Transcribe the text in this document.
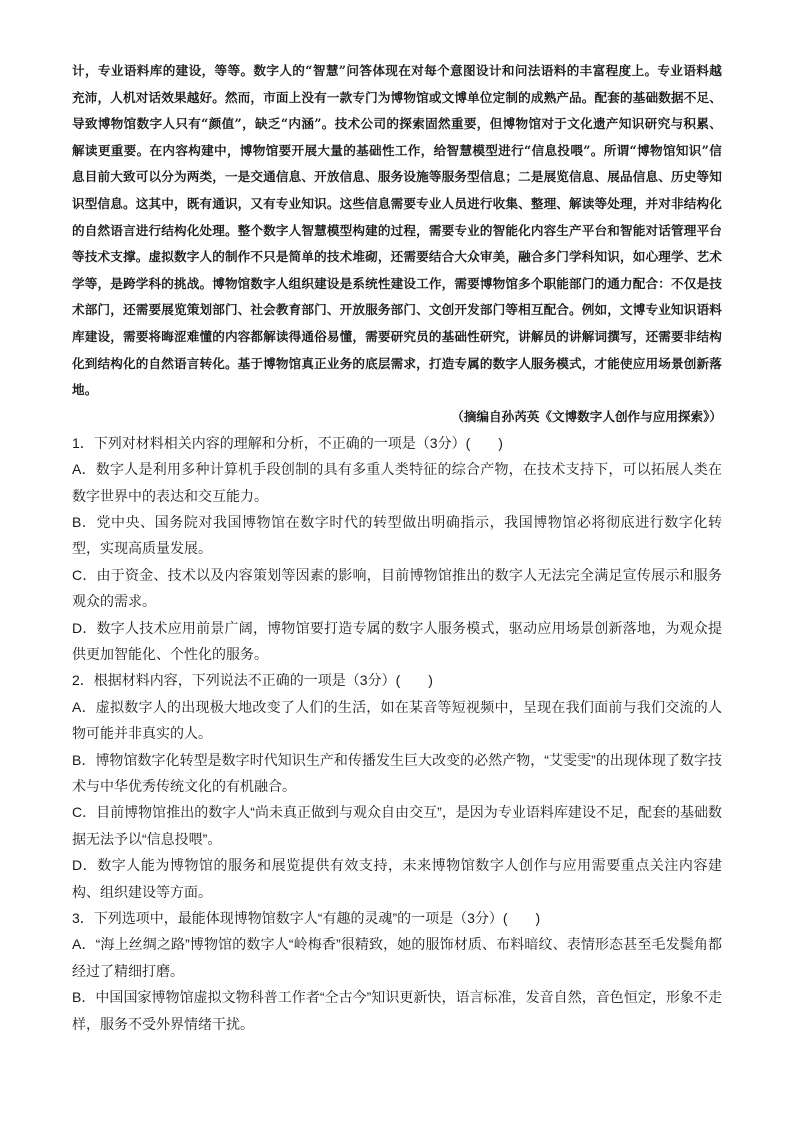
计，专业语料库的建设，等等。数字人的“智慧”问答体现在对每个意图设计和问法语料的丰富程度上。专业语料越充沛，人机对话效果越好。然而，市面上没有一款专门为博物馆或文博单位定制的成熟产品。配套的基础数据不足、导致博物馆数字人只有“颜值”，缺乏“内涵”。技术公司的探索固然重要，但博物馆对于文化遗产知识研究与积累、解读更重要。在内容构建中，博物馆要开展大量的基础性工作，给智慧模型进行“信息投喂”。所谓“博物馆知识”信息目前大致可以分为两类，一是交通信息、开放信息、服务设施等服务型信息；二是展览信息、展品信息、历史等知识型信息。这其中，既有通识，又有专业知识。这些信息需要专业人员进行收集、整理、解读等处理，并对非结构化的自然语言进行结构化处理。整个数字人智慧模型构建的过程，需要专业的智能化内容生产平台和智能对话管理平台等技术支撑。虚拟数字人的制作不只是简单的技术堆砌，还需要结合大众审美，融合多门学科知识，如心理学、艺术学等，是跨学科的挑战。博物馆数字人组织建设是系统性建设工作，需要博物馆多个职能部门的通力配合：不仅是技术部门，还需要展览策划部门、社会教育部门、开放服务部门、文创开发部门等相互配合。例如，文博专业知识语料库建设，需要将晦涩难懂的内容都解读得通俗易懂，需要研究员的基础性研究，讲解员的讲解词撰写，还需要非结构化到结构化的自然语言转化。基于博物馆真正业务的底层需求，打造专属的数字人服务模式，才能使应用场景创新落地。

（摘编自孙芮英《文博数字人创作与应用探索》）

1．下列对材料相关内容的理解和分析，不正确的一项是（3分）(　　)

A．数字人是利用多种计算机手段创制的具有多重人类特征的综合产物，在技术支持下，可以拓展人类在数字世界中的表达和交互能力。

B．党中央、国务院对我国博物馆在数字时代的转型做出明确指示，我国博物馆必将彻底进行数字化转型，实现高质量发展。

C．由于资金、技术以及内容策划等因素的影响，目前博物馆推出的数字人无法完全满足宣传展示和服务观众的需求。

D．数字人技术应用前景广阔，博物馆要打造专属的数字人服务模式，驱动应用场景创新落地，为观众提供更加智能化、个性化的服务。

2．根据材料内容，下列说法不正确的一项是（3分）(　　)

A．虚拟数字人的出现极大地改变了人们的生活，如在某音等短视频中，呈现在我们面前与我们交流的人物可能并非真实的人。

B．博物馆数字化转型是数字时代知识生产和传播发生巨大改变的必然产物，“艾雯雯”的出现体现了数字技术与中华优秀传统文化的有机融合。

C．目前博物馆推出的数字人“尚未真正做到与观众自由交互”，是因为专业语料库建设不足，配套的基础数据无法予以“信息投喂”。

D．数字人能为博物馆的服务和展览提供有效支持，未来博物馆数字人创作与应用需要重点关注内容建构、组织建设等方面。

3．下列选项中，最能体现博物馆数字人“有趣的灵魂”的一项是（3分）(　　)

A．“海上丝绸之路”博物馆的数字人“岭梅香”很精致，她的服饰材质、布料暗纹、表情形态甚至毛发鬓角都经过了精细打磨。

B．中国国家博物馆虚拟文物科普工作者“仝古今”知识更新快，语言标准，发音自然，音色恒定，形象不走样，服务不受外界情绪干扰。
